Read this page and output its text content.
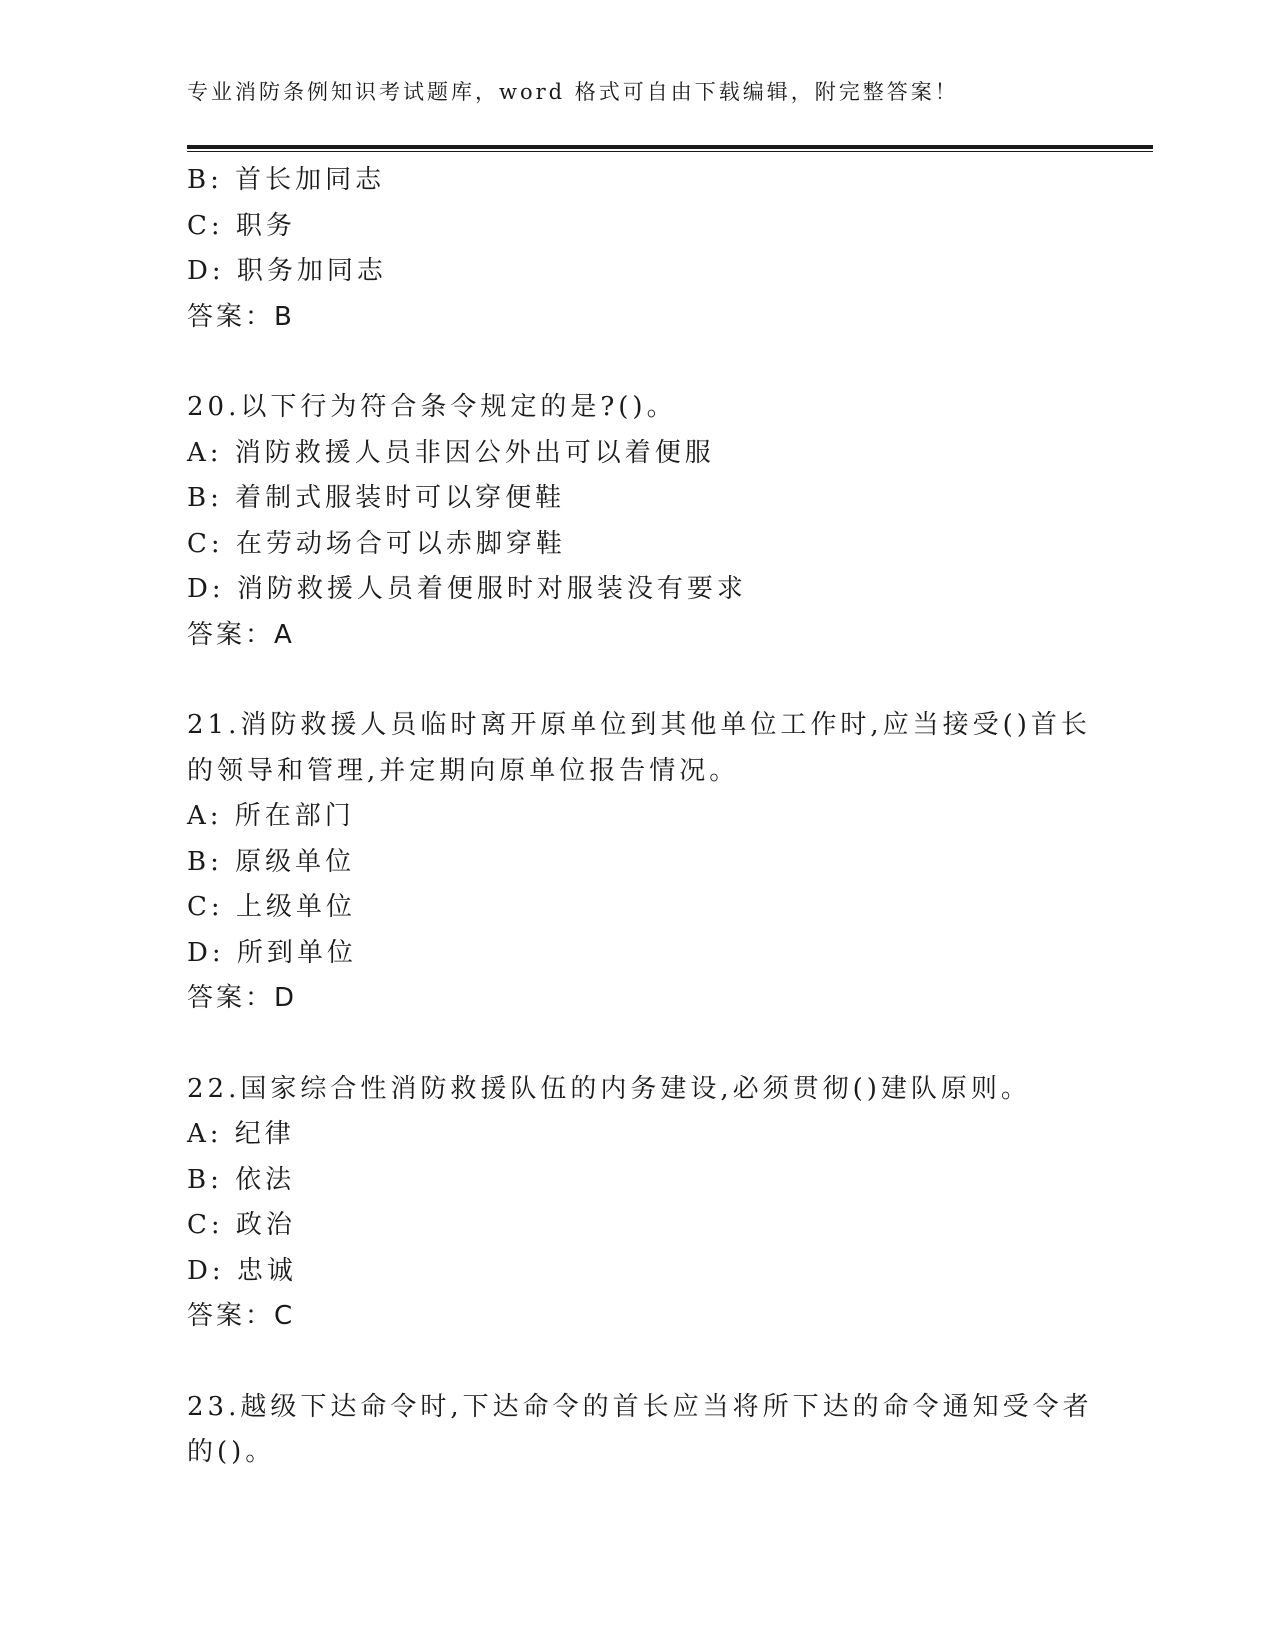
专业消防条例知识考试题库，word 格式可自由下载编辑，附完整答案！
B: 首长加同志
C: 职务
D: 职务加同志
答案：B
20.以下行为符合条令规定的是?()。
A: 消防救援人员非因公外出可以着便服
B: 着制式服装时可以穿便鞋
C: 在劳动场合可以赤脚穿鞋
D: 消防救援人员着便服时对服装没有要求
答案：A
21.消防救援人员临时离开原单位到其他单位工作时,应当接受()首长
的领导和管理,并定期向原单位报告情况。
A: 所在部门
B: 原级单位
C: 上级单位
D: 所到单位
答案：D
22.国家综合性消防救援队伍的内务建设,必须贯彻()建队原则。
A: 纪律
B: 依法
C: 政治
D: 忠诚
答案：C
23.越级下达命令时,下达命令的首长应当将所下达的命令通知受令者
的()。
